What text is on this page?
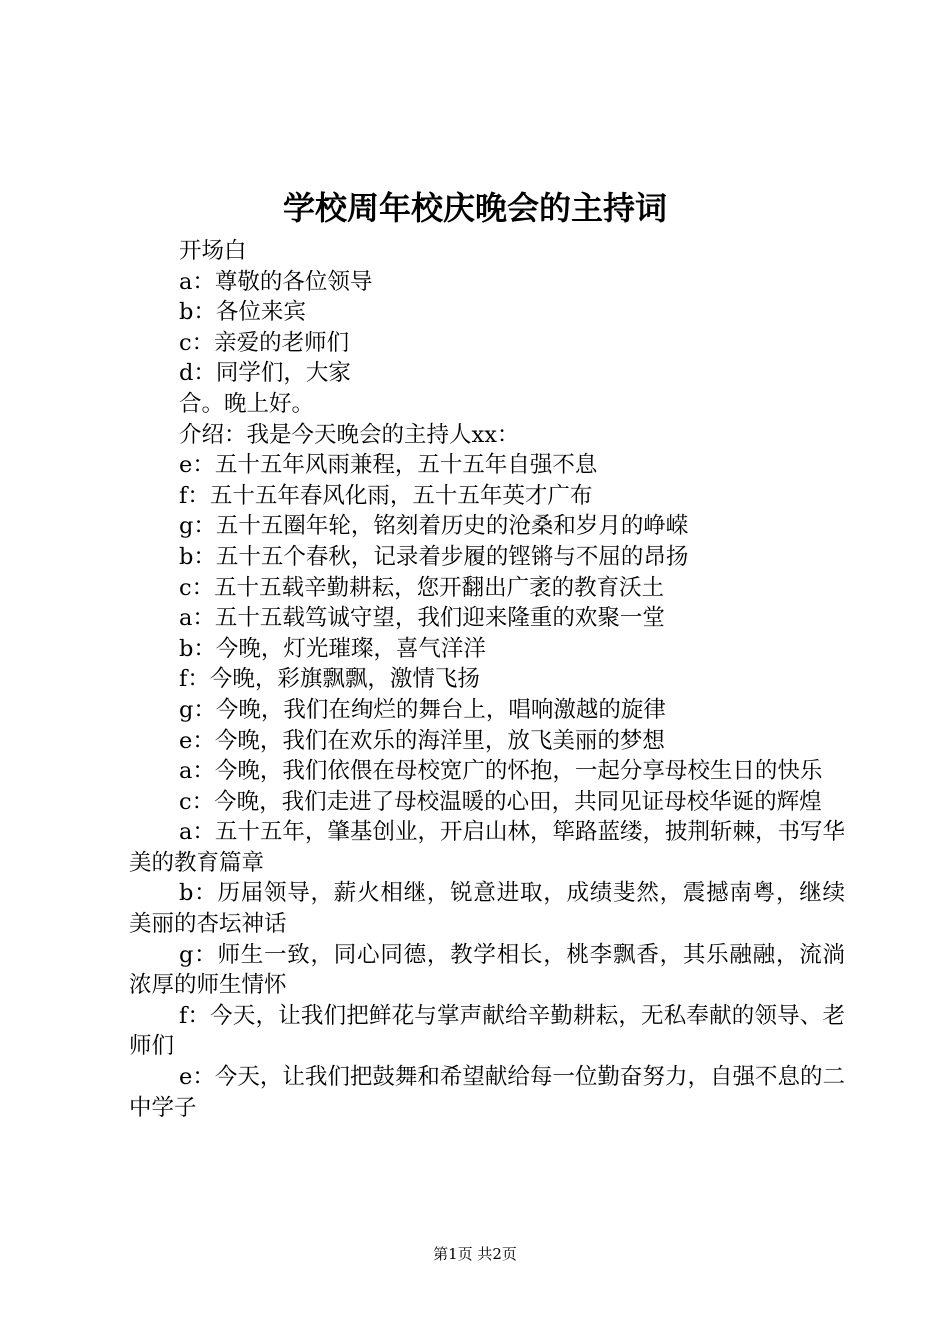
学校周年校庆晚会的主持词

开场白

a：尊敬的各位领导

b：各位来宾

c：亲爱的老师们

d：同学们，大家

合。晚上好。

介绍：我是今天晚会的主持人xx：

e：五十五年风雨兼程，五十五年自强不息

f：五十五年春风化雨，五十五年英才广布

g：五十五圈年轮，铭刻着历史的沧桑和岁月的峥嵘

b：五十五个春秋，记录着步履的铿锵与不屈的昂扬

c：五十五载辛勤耕耘，您开翻出广袤的教育沃土

a：五十五载笃诚守望，我们迎来隆重的欢聚一堂

b：今晚，灯光璀璨，喜气洋洋

f：今晚，彩旗飘飘，激情飞扬

g：今晚，我们在绚烂的舞台上，唱响激越的旋律

e：今晚，我们在欢乐的海洋里，放飞美丽的梦想

a：今晚，我们依偎在母校宽广的怀抱，一起分享母校生日的快乐

c：今晚，我们走进了母校温暖的心田，共同见证母校华诞的辉煌

a：五十五年，肇基创业，开启山林，筚路蓝缕，披荆斩棘，书写华美的教育篇章

b：历届领导，薪火相继，锐意进取，成绩斐然，震撼南粤，继续美丽的杏坛神话

g：师生一致，同心同德，教学相长，桃李飘香，其乐融融，流淌浓厚的师生情怀

f：今天，让我们把鲜花与掌声献给辛勤耕耘，无私奉献的领导、老师们

e：今天，让我们把鼓舞和希望献给每一位勤奋努力，自强不息的二中学子

第1页 共2页
